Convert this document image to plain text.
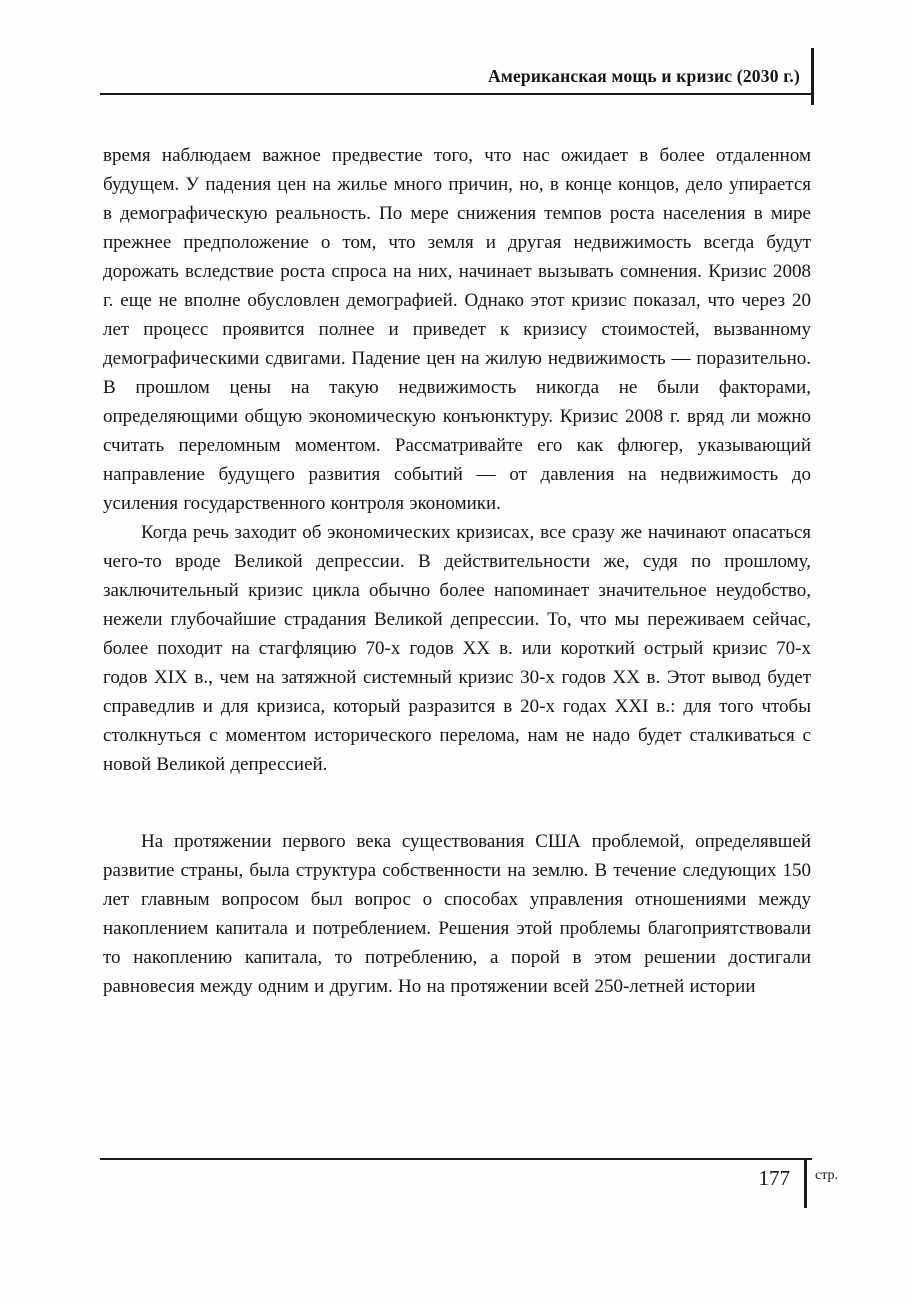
Американская мощь и кризис (2030 г.)

время наблюдаем важное предвестие того, что нас ожидает в более отдаленном будущем. У падения цен на жилье много причин, но, в конце концов, дело упирается в демографическую реальность. По мере снижения темпов роста населения в мире прежнее предположение о том, что земля и другая недвижимость всегда будут дорожать вследствие роста спроса на них, начинает вызывать сомнения. Кризис 2008 г. еще не вполне обусловлен демографией. Однако этот кризис показал, что через 20 лет процесс проявится полнее и приведет к кризису стоимостей, вызванному демографическими сдвигами. Падение цен на жилую недвижимость — поразительно. В прошлом цены на такую недвижимость никогда не были факторами, определяющими общую экономическую конъюнктуру. Кризис 2008 г. вряд ли можно считать переломным моментом. Рассматривайте его как флюгер, указывающий направление будущего развития событий — от давления на недвижимость до усиления государственного контроля экономики.

Когда речь заходит об экономических кризисах, все сразу же начинают опасаться чего-то вроде Великой депрессии. В действительности же, судя по прошлому, заключительный кризис цикла обычно более напоминает значительное неудобство, нежели глубочайшие страдания Великой депрессии. То, что мы переживаем сейчас, более походит на стагфляцию 70-х годов XX в. или короткий острый кризис 70-х годов XIX в., чем на затяжной системный кризис 30-х годов XX в. Этот вывод будет справедлив и для кризиса, который разразится в 20-х годах XXI в.: для того чтобы столкнуться с моментом исторического перелома, нам не надо будет сталкиваться с новой Великой депрессией.

На протяжении первого века существования США проблемой, определявшей развитие страны, была структура собственности на землю. В течение следующих 150 лет главным вопросом был вопрос о способах управления отношениями между накоплением капитала и потреблением. Решения этой проблемы благоприятствовали то накоплению капитала, то потреблению, а порой в этом решении достигали равновесия между одним и другим. Но на протяжении всей 250-летней истории

177 стр.
